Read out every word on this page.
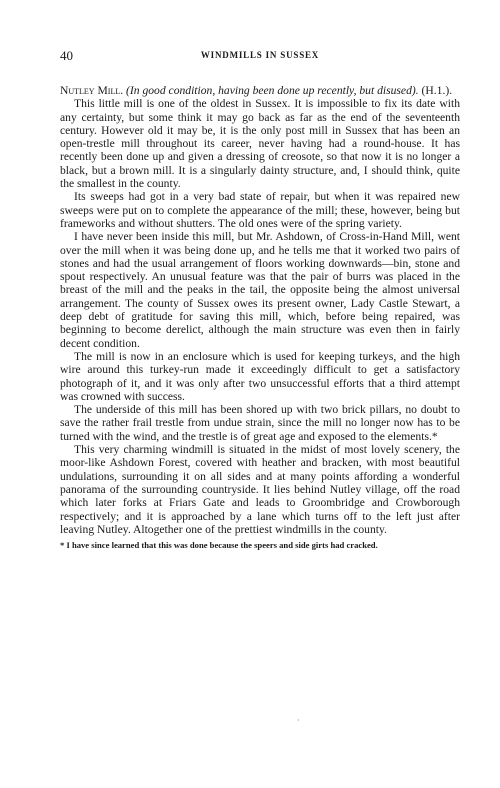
40	WINDMILLS IN SUSSEX

Nutley Mill. (In good condition, having been done up recently, but disused). (H.1.).

This little mill is one of the oldest in Sussex. It is impossible to fix its date with any certainty, but some think it may go back as far as the end of the seventeenth century. However old it may be, it is the only post mill in Sussex that has been an open-trestle mill throughout its career, never having had a round-house. It has recently been done up and given a dressing of creosote, so that now it is no longer a black, but a brown mill. It is a singularly dainty structure, and, I should think, quite the smallest in the county.

Its sweeps had got in a very bad state of repair, but when it was repaired new sweeps were put on to complete the appearance of the mill; these, however, being but frameworks and without shutters. The old ones were of the spring variety.

I have never been inside this mill, but Mr. Ashdown, of Cross-in-Hand Mill, went over the mill when it was being done up, and he tells me that it worked two pairs of stones and had the usual arrangement of floors working downwards—bin, stone and spout respectively. An unusual feature was that the pair of burrs was placed in the breast of the mill and the peaks in the tail, the opposite being the almost universal arrangement. The county of Sussex owes its present owner, Lady Castle Stewart, a deep debt of gratitude for saving this mill, which, before being repaired, was beginning to become derelict, although the main structure was even then in fairly decent condition.

The mill is now in an enclosure which is used for keeping turkeys, and the high wire around this turkey-run made it exceedingly difficult to get a satisfactory photograph of it, and it was only after two unsuccessful efforts that a third attempt was crowned with success.

The underside of this mill has been shored up with two brick pillars, no doubt to save the rather frail trestle from undue strain, since the mill no longer now has to be turned with the wind, and the trestle is of great age and exposed to the elements.*

This very charming windmill is situated in the midst of most lovely scenery, the moor-like Ashdown Forest, covered with heather and bracken, with most beautiful undulations, surrounding it on all sides and at many points affording a wonderful panorama of the surrounding countryside. It lies behind Nutley village, off the road which later forks at Friars Gate and leads to Groombridge and Crowborough respectively; and it is approached by a lane which turns off to the left just after leaving Nutley. Altogether one of the prettiest windmills in the county.

* I have since learned that this was done because the speers and side girts had cracked.
·
